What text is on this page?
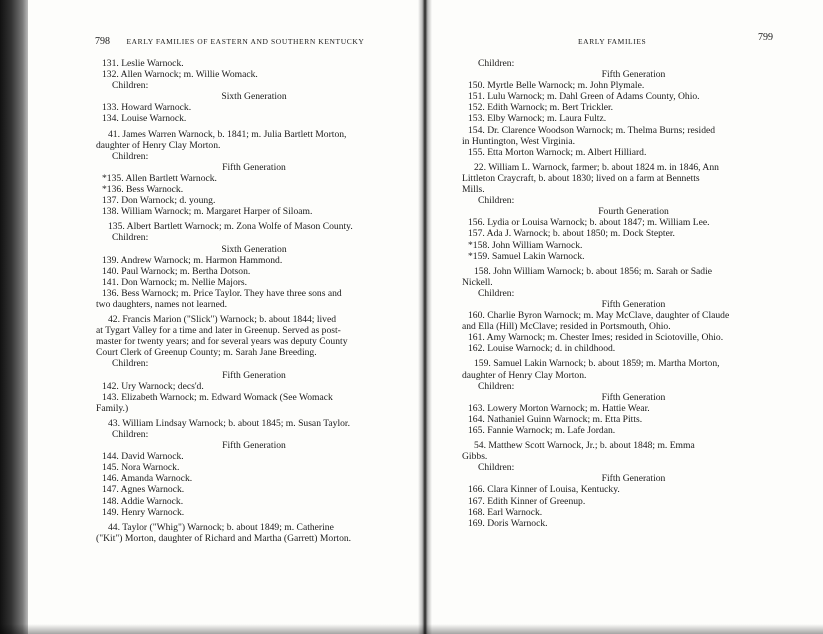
798 EARLY FAMILIES OF EASTERN AND SOUTHERN KENTUCKY
131. Leslie Warnock.
132. Allen Warnock; m. Willie Womack.
Children:
Sixth Generation
133. Howard Warnock.
134. Louise Warnock.
41. James Warren Warnock, b. 1841; m. Julia Bartlett Morton,
daughter of Henry Clay Morton.
Children:
Fifth Generation
*135. Allen Bartlett Warnock.
*136. Bess Warnock.
137. Don Warnock; d. young.
138. William Warnock; m. Margaret Harper of Siloam.
135. Albert Bartlett Warnock; m. Zona Wolfe of Mason County.
Children:
Sixth Generation
139. Andrew Warnock; m. Harmon Hammond.
140. Paul Warnock; m. Bertha Dotson.
141. Don Warnock; m. Nellie Majors.
136. Bess Warnock; m. Price Taylor. They have three sons and
two daughters, names not learned.
42. Francis Marion ("Slick") Warnock; b. about 1844; lived
at Tygart Valley for a time and later in Greenup. Served as post-
master for twenty years; and for several years was deputy County
Court Clerk of Greenup County; m. Sarah Jane Breeding.
Children:
Fifth Generation
142. Ury Warnock; decs'd.
143. Elizabeth Warnock; m. Edward Womack (See Womack
Family.)
43. William Lindsay Warnock; b. about 1845; m. Susan Taylor.
Children:
Fifth Generation
144. David Warnock.
145. Nora Warnock.
146. Amanda Warnock.
147. Agnes Warnock.
148. Addie Warnock.
149. Henry Warnock.
44. Taylor ("Whig") Warnock; b. about 1849; m. Catherine
("Kit") Morton, daughter of Richard and Martha (Garrett) Morton.
EARLY FAMILIES	799
Children:
Fifth Generation
150. Myrtle Belle Warnock; m. John Plymale.
151. Lulu Warnock; m. Dahl Green of Adams County, Ohio.
152. Edith Warnock; m. Bert Trickler.
153. Elby Warnock; m. Laura Fultz.
154. Dr. Clarence Woodson Warnock; m. Thelma Burns; resided
in Huntington, West Virginia.
155. Etta Morton Warnock; m. Albert Hilliard.
22. William L. Warnock, farmer; b. about 1824 m. in 1846, Ann
Littleton Craycraft, b. about 1830; lived on a farm at Bennetts
Mills.
Children:
Fourth Generation
156. Lydia or Louisa Warnock; b. about 1847; m. William Lee.
157. Ada J. Warnock; b. about 1850; m. Dock Stepter.
*158. John William Warnock.
*159. Samuel Lakin Warnock.
158. John William Warnock; b. about 1856; m. Sarah or Sadie
Nickell.
Children:
Fifth Generation
160. Charlie Byron Warnock; m. May McClave, daughter of Claude
and Ella (Hill) McClave; resided in Portsmouth, Ohio.
161. Amy Warnock; m. Chester Imes; resided in Sciotoville, Ohio.
162. Louise Warnock; d. in childhood.
159. Samuel Lakin Warnock; b. about 1859; m. Martha Morton,
daughter of Henry Clay Morton.
Children:
Fifth Generation
163. Lowery Morton Warnock; m. Hattie Wear.
164. Nathaniel Guinn Warnock; m. Etta Pitts.
165. Fannie Warnock; m. Lafe Jordan.
54. Matthew Scott Warnock, Jr.; b. about 1848; m. Emma
Gibbs.
Children:
Fifth Generation
166. Clara Kinner of Louisa, Kentucky.
167. Edith Kinner of Greenup.
168. Earl Warnock.
169. Doris Warnock.
